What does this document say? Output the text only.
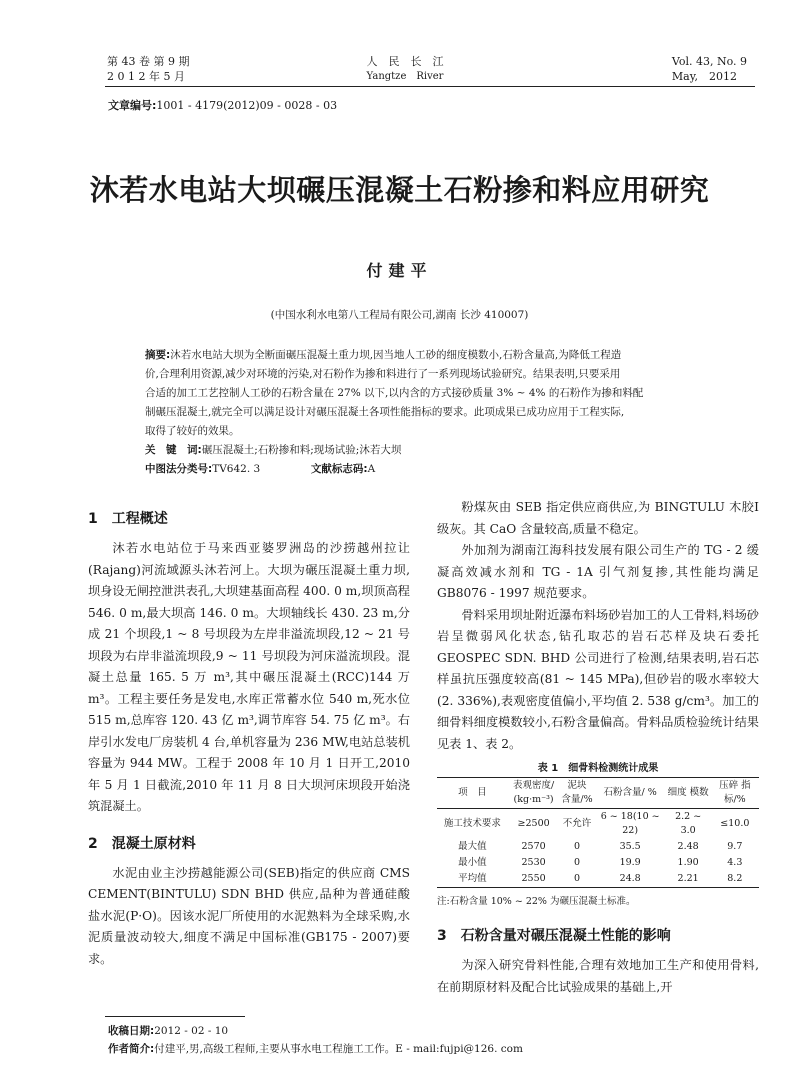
第 43 卷 第 9 期
2 0 1 2 年 5 月
人　民　长　江
Yangtze　River
Vol. 43, No. 9
May,　2012
文章编号:1001 - 4179(2012)09 - 0028 - 03
沐若水电站大坝碾压混凝土石粉掺和料应用研究
付建平
(中国水利水电第八工程局有限公司,湖南 长沙 410007)
摘要:沐若水电站大坝为全断面碾压混凝土重力坝,因当地人工砂的细度模数小,石粉含量高,为降低工程造
价,合理利用资源,减少对环境的污染,对石粉作为掺和料进行了一系列现场试验研究。结果表明,只要采用
合适的加工工艺控制人工砂的石粉含量在 27% 以下,以内含的方式接砂质量 3% ~ 4% 的石粉作为掺和料配
制碾压混凝土,就完全可以满足设计对碾压混凝土各项性能指标的要求。此项成果已成功应用于工程实际,
取得了较好的效果。
关　键　词:碾压混凝土;石粉掺和料;现场试验;沐若大坝
中图法分类号:TV642. 3	文献标志码:A
1　工程概述

沐若水电站位于马来西亚婆罗洲岛的沙捞越州拉让(Rajang)河流域源头沐若河上。大坝为碾压混凝土重力坝,坝身设无闸控泄洪表孔,大坝建基面高程 400. 0 m,坝顶高程 546. 0 m,最大坝高 146. 0 m。大坝轴线长 430. 23 m,分成 21 个坝段,1 ~ 8 号坝段为左岸非溢流坝段,12 ~ 21 号坝段为右岸非溢流坝段,9 ~ 11 号坝段为河床溢流坝段。混凝土总量 165. 5 万 m³,其中碾压混凝土(RCC)144 万 m³。工程主要任务是发电,水库正常蓄水位 540 m,死水位 515 m,总库容 120. 43 亿 m³,调节库容 54. 75 亿 m³。右岸引水发电厂房装机 4 台,单机容量为 236 MW,电站总装机容量为 944 MW。工程于 2008 年 10 月 1 日开工,2010 年 5 月 1 日截流,2010 年 11 月 8 日大坝河床坝段开始浇筑混凝土。

2　混凝土原材料

水泥由业主沙捞越能源公司(SEB)指定的供应商 CMS CEMENT(BINTULU) SDN BHD 供应,品种为普通硅酸盐水泥(P·O)。因该水泥厂所使用的水泥熟料为全球采购,水泥质量波动较大,细度不满足中国标准(GB175 - 2007)要求。

粉煤灰由 SEB 指定供应商供应,为 BINGTULU 木胶Ⅰ级灰。其 CaO 含量较高,质量不稳定。

外加剂为湖南江海科技发展有限公司生产的 TG - 2 缓凝高效减水剂和 TG - 1A 引气剂复掺,其性能均满足 GB8076 - 1997 规范要求。

骨料采用坝址附近瀑布料场砂岩加工的人工骨料,料场砂岩呈微弱风化状态,钻孔取芯的岩石芯样及块石委托 GEOSPEC SDN. BHD 公司进行了检测,结果表明,岩石芯样虽抗压强度较高(81 ~ 145 MPa),但砂岩的吸水率较大(2. 336%),表观密度值偏小,平均值 2. 538 g/cm³。加工的细骨料细度模数较小,石粉含量偏高。骨料品质检验统计结果见表 1、表 2。

表 1　细骨料检测统计成果
项　目	表观密度/ (kg·m⁻³)	泥块 含量/%	石粉含量/ %	细度 模数	压碎 指标/%
施工技术要求	≥2500	不允许	6 ~ 18(10 ~ 22)	2.2 ~ 3.0	≤10.0
最大值	2570	0	35.5	2.48	9.7
最小值	2530	0	19.9	1.90	4.3
平均值	2550	0	24.8	2.21	8.2
注:石粉含量 10% ~ 22% 为碾压混凝土标准。
3　石粉含量对碾压混凝土性能的影响

为深入研究骨料性能,合理有效地加工生产和使用骨料,在前期原材料及配合比试验成果的基础上,开

收稿日期:2012 - 02 - 10
作者简介:付建平,男,高级工程师,主要从事水电工程施工工作。E - mail:fujpi@126. com
